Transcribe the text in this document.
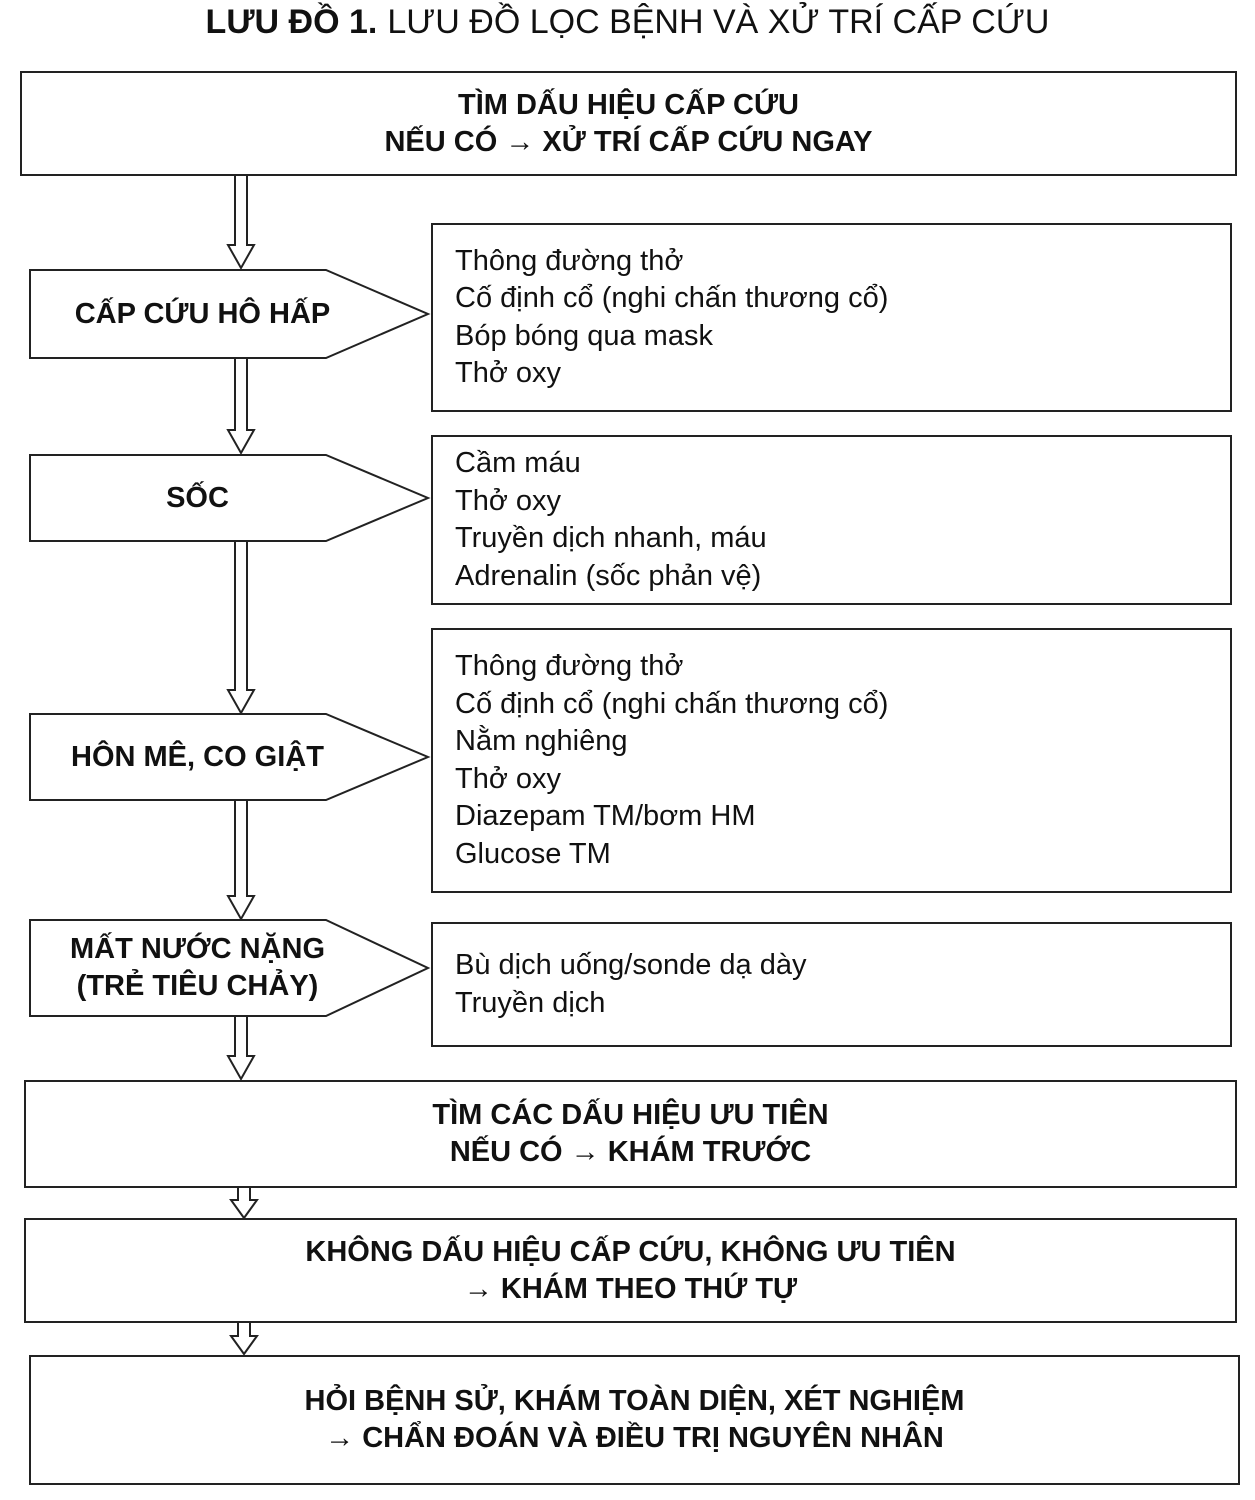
LƯU ĐỒ 1. LƯU ĐỒ LỌC BỆNH VÀ XỬ TRÍ CẤP CỨU
TÌM DẤU HIỆU CẤP CỨU
NẾU CÓ → XỬ TRÍ CẤP CỨU NGAY
CẤP CỨU HÔ HẤP
SỐC
HÔN MÊ, CO GIẬT
MẤT NƯỚC NẶNG
(TRẺ TIÊU CHẢY)
Thông đường thở
Cố định cổ (nghi chấn thương cổ)
Bóp bóng qua mask
Thở oxy
Cầm máu
Thở oxy
Truyền dịch nhanh, máu
Adrenalin (sốc phản vệ)
Thông đường thở
Cố định cổ (nghi chấn thương cổ)
Nằm nghiêng
Thở oxy
Diazepam TM/bơm HM
Glucose TM
Bù dịch uống/sonde dạ dày
Truyền dịch
TÌM CÁC DẤU HIỆU ƯU TIÊN
NẾU CÓ → KHÁM TRƯỚC
KHÔNG DẤU HIỆU CẤP CỨU, KHÔNG ƯU TIÊN
→ KHÁM THEO THỨ TỰ
HỎI BỆNH SỬ, KHÁM TOÀN DIỆN, XÉT NGHIỆM
→ CHẨN ĐOÁN VÀ ĐIỀU TRỊ NGUYÊN NHÂN
